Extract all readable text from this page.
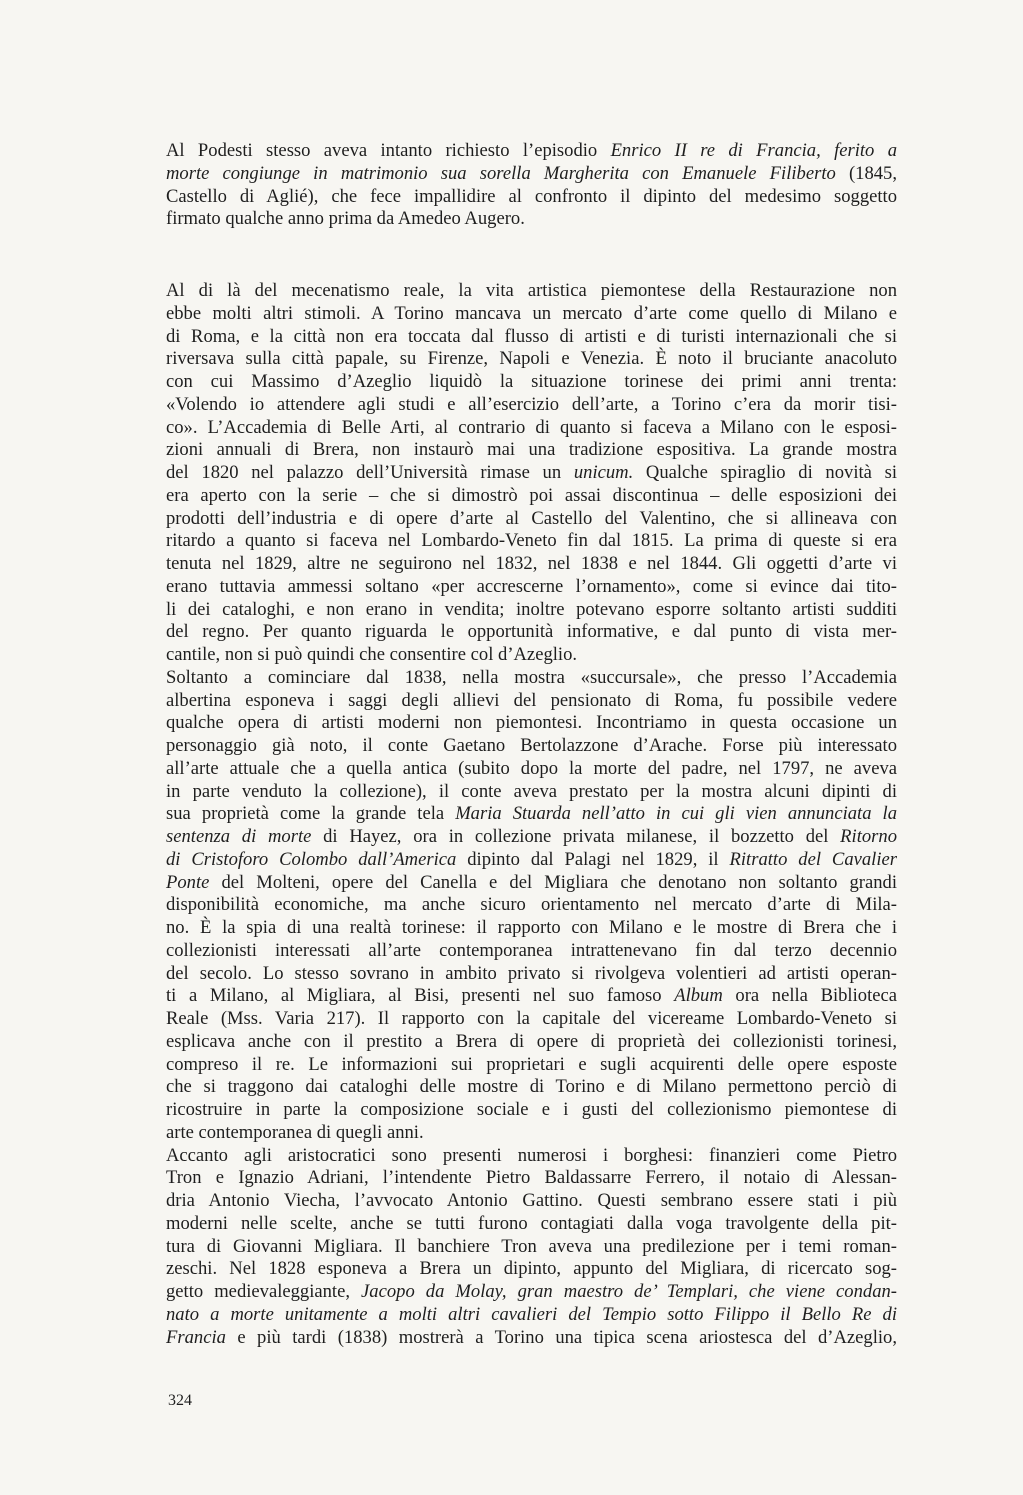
Al Podesti stesso aveva intanto richiesto l’episodio Enrico II re di Francia, ferito a
morte congiunge in matrimonio sua sorella Margherita con Emanuele Filiberto (1845,
Castello di Aglié), che fece impallidire al confronto il dipinto del medesimo soggetto
firmato qualche anno prima da Amedeo Augero.
Al di là del mecenatismo reale, la vita artistica piemontese della Restaurazione non
ebbe molti altri stimoli. A Torino mancava un mercato d’arte come quello di Milano e
di Roma, e la città non era toccata dal flusso di artisti e di turisti internazionali che si
riversava sulla città papale, su Firenze, Napoli e Venezia. È noto il bruciante anacoluto
con cui Massimo d’Azeglio liquidò la situazione torinese dei primi anni trenta:
«Volendo io attendere agli studi e all’esercizio dell’arte, a Torino c’era da morir tisi-
co». L’Accademia di Belle Arti, al contrario di quanto si faceva a Milano con le esposi-
zioni annuali di Brera, non instaurò mai una tradizione espositiva. La grande mostra
del 1820 nel palazzo dell’Università rimase un unicum. Qualche spiraglio di novità si
era aperto con la serie – che si dimostrò poi assai discontinua – delle esposizioni dei
prodotti dell’industria e di opere d’arte al Castello del Valentino, che si allineava con
ritardo a quanto si faceva nel Lombardo-Veneto fin dal 1815. La prima di queste si era
tenuta nel 1829, altre ne seguirono nel 1832, nel 1838 e nel 1844. Gli oggetti d’arte vi
erano tuttavia ammessi soltano «per accrescerne l’ornamento», come si evince dai tito-
li dei cataloghi, e non erano in vendita; inoltre potevano esporre soltanto artisti sudditi
del regno. Per quanto riguarda le opportunità informative, e dal punto di vista mer-
cantile, non si può quindi che consentire col d’Azeglio.
Soltanto a cominciare dal 1838, nella mostra «succursale», che presso l’Accademia
albertina esponeva i saggi degli allievi del pensionato di Roma, fu possibile vedere
qualche opera di artisti moderni non piemontesi. Incontriamo in questa occasione un
personaggio già noto, il conte Gaetano Bertolazzone d’Arache. Forse più interessato
all’arte attuale che a quella antica (subito dopo la morte del padre, nel 1797, ne aveva
in parte venduto la collezione), il conte aveva prestato per la mostra alcuni dipinti di
sua proprietà come la grande tela Maria Stuarda nell’atto in cui gli vien annunciata la
sentenza di morte di Hayez, ora in collezione privata milanese, il bozzetto del Ritorno
di Cristoforo Colombo dall’America dipinto dal Palagi nel 1829, il Ritratto del Cavalier
Ponte del Molteni, opere del Canella e del Migliara che denotano non soltanto grandi
disponibilità economiche, ma anche sicuro orientamento nel mercato d’arte di Mila-
no. È la spia di una realtà torinese: il rapporto con Milano e le mostre di Brera che i
collezionisti interessati all’arte contemporanea intrattenevano fin dal terzo decennio
del secolo. Lo stesso sovrano in ambito privato si rivolgeva volentieri ad artisti operan-
ti a Milano, al Migliara, al Bisi, presenti nel suo famoso Album ora nella Biblioteca
Reale (Mss. Varia 217). Il rapporto con la capitale del vicereame Lombardo-Veneto si
esplicava anche con il prestito a Brera di opere di proprietà dei collezionisti torinesi,
compreso il re. Le informazioni sui proprietari e sugli acquirenti delle opere esposte
che si traggono dai cataloghi delle mostre di Torino e di Milano permettono perciò di
ricostruire in parte la composizione sociale e i gusti del collezionismo piemontese di
arte contemporanea di quegli anni.
Accanto agli aristocratici sono presenti numerosi i borghesi: finanzieri come Pietro
Tron e Ignazio Adriani, l’intendente Pietro Baldassarre Ferrero, il notaio di Alessan-
dria Antonio Viecha, l’avvocato Antonio Gattino. Questi sembrano essere stati i più
moderni nelle scelte, anche se tutti furono contagiati dalla voga travolgente della pit-
tura di Giovanni Migliara. Il banchiere Tron aveva una predilezione per i temi roman-
zeschi. Nel 1828 esponeva a Brera un dipinto, appunto del Migliara, di ricercato sog-
getto medievaleggiante, Jacopo da Molay, gran maestro de’ Templari, che viene condan-
nato a morte unitamente a molti altri cavalieri del Tempio sotto Filippo il Bello Re di
Francia e più tardi (1838) mostrerà a Torino una tipica scena ariostesca del d’Azeglio,
324
